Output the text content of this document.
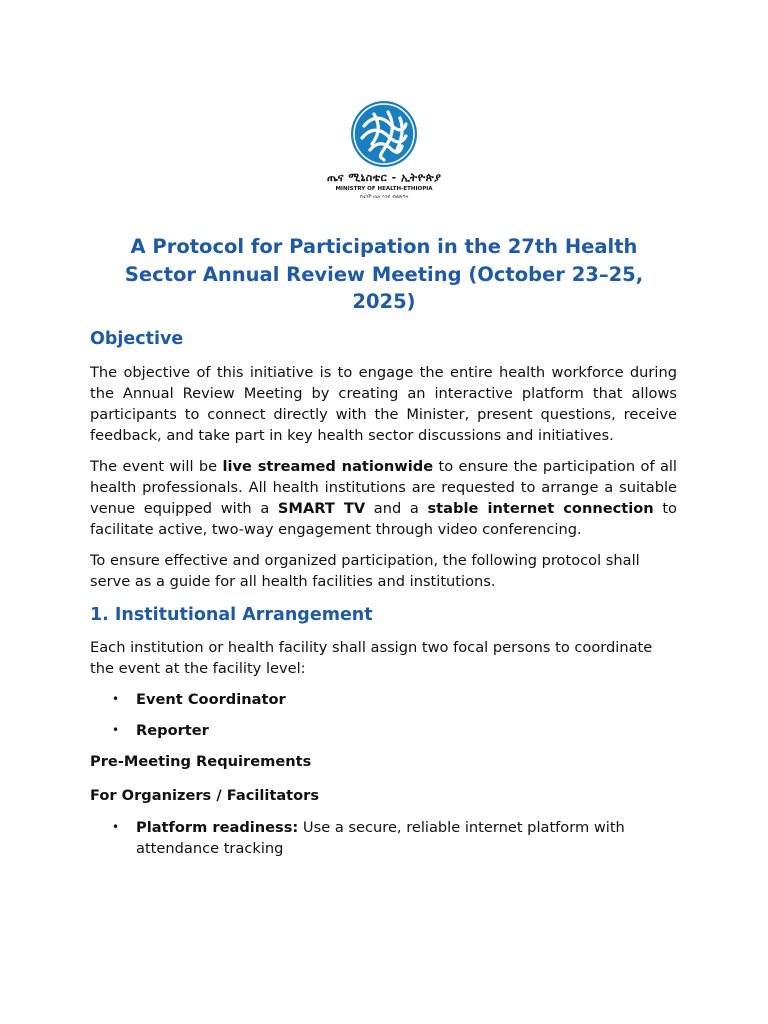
ጤና ሚኒስቴር - ኢትዮጵያ
MINISTRY OF HEALTH-ETHIOPIA
የዜጎች ጤና እንደ ብልጽግና
A Protocol for Participation in the 27th Health Sector Annual Review Meeting (October 23–25, 2025)
Objective

The objective of this initiative is to engage the entire health workforce during the Annual Review Meeting by creating an interactive platform that allows participants to connect directly with the Minister, present questions, receive feedback, and take part in key health sector discussions and initiatives.

The event will be live streamed nationwide to ensure the participation of all health professionals. All health institutions are requested to arrange a suitable venue equipped with a SMART TV and a stable internet connection to facilitate active, two-way engagement through video conferencing.

To ensure effective and organized participation, the following protocol shall serve as a guide for all health facilities and institutions.

1. Institutional Arrangement

Each institution or health facility shall assign two focal persons to coordinate the event at the facility level:

• Event Coordinator
• Reporter

Pre-Meeting Requirements

For Organizers / Facilitators

• Platform readiness: Use a secure, reliable internet platform with attendance tracking
